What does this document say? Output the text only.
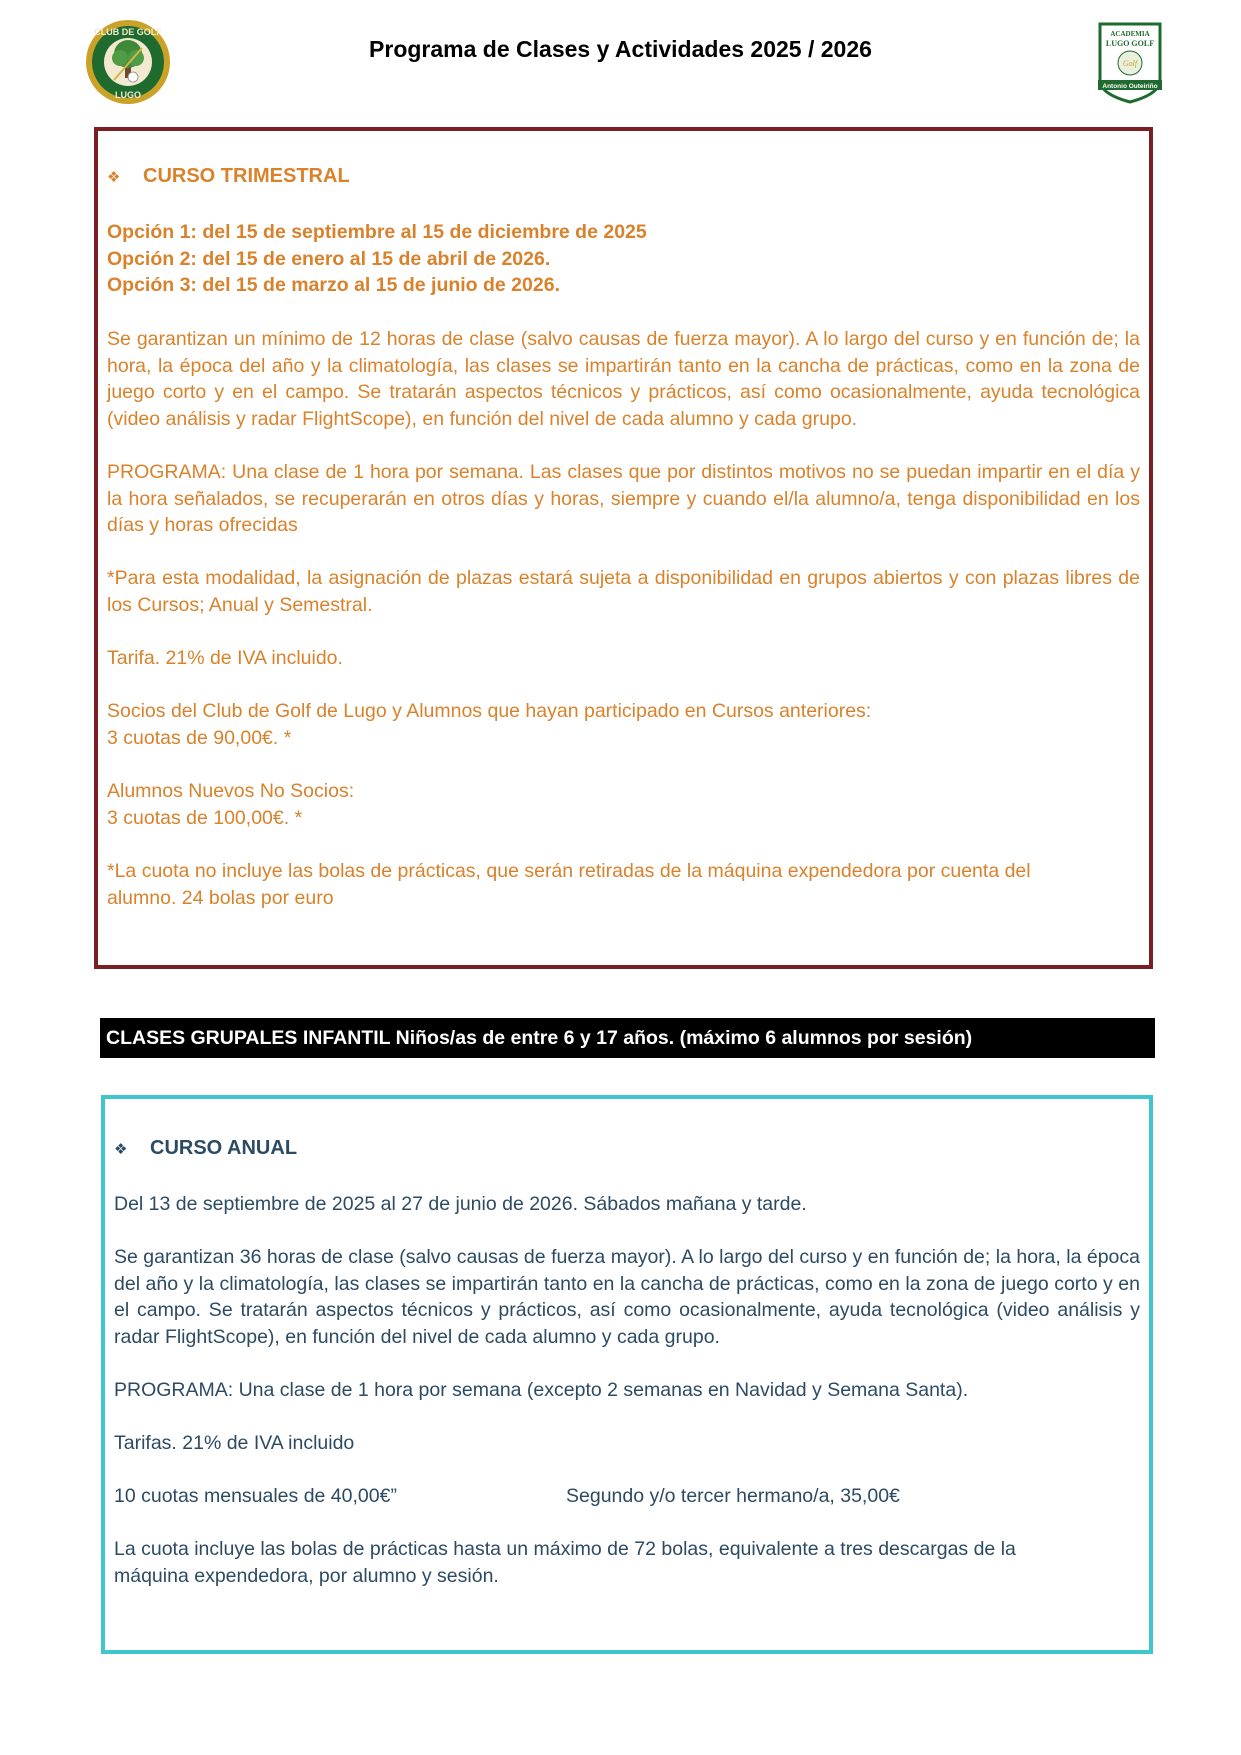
CLUB DE GOLF
LUGO
Programa de Clases y Actividades 2025 / 2026
ACADEMIA
LUGO GOLF
Golf
Antonio Outeiriño
❖	CURSO TRIMESTRAL

Opción 1: del 15 de septiembre al 15 de diciembre de 2025

Opción 2: del 15 de enero al 15 de abril de 2026.

Opción 3: del 15 de marzo al 15 de junio de 2026.

Se garantizan un mínimo de 12 horas de clase (salvo causas de fuerza mayor). A lo largo del curso y en función de; la hora, la época del año y la climatología, las clases se impartirán tanto en la cancha de prácticas, como en la zona de juego corto y en el campo. Se tratarán aspectos técnicos y prácticos, así como ocasionalmente, ayuda tecnológica (video análisis y radar FlightScope), en función del nivel de cada alumno y cada grupo.

PROGRAMA: Una clase de 1 hora por semana. Las clases que por distintos motivos no se puedan impartir en el día y la hora señalados, se recuperarán en otros días y horas, siempre y cuando el/la alumno/a, tenga disponibilidad en los días y horas ofrecidas

*Para esta modalidad, la asignación de plazas estará sujeta a disponibilidad en grupos abiertos y con plazas libres de los Cursos; Anual y Semestral.

Tarifa. 21% de IVA incluido.

Socios del Club de Golf de Lugo y Alumnos que hayan participado en Cursos anteriores:

3 cuotas de 90,00€. *

Alumnos Nuevos No Socios:

3 cuotas de 100,00€. *

*La cuota no incluye las bolas de prácticas, que serán retiradas de la máquina expendedora por cuenta del alumno. 24 bolas por euro

CLASES GRUPALES INFANTIL Niños/as de entre 6 y 17 años. (máximo 6 alumnos por sesión)
❖	CURSO ANUAL

Del 13 de septiembre de 2025 al 27 de junio de 2026. Sábados mañana y tarde.

Se garantizan 36 horas de clase (salvo causas de fuerza mayor). A lo largo del curso y en función de; la hora, la época del año y la climatología, las clases se impartirán tanto en la cancha de prácticas, como en la zona de juego corto y en el campo. Se tratarán aspectos técnicos y prácticos, así como ocasionalmente, ayuda tecnológica (video análisis y radar FlightScope), en función del nivel de cada alumno y cada grupo.

PROGRAMA: Una clase de 1 hora por semana (excepto 2 semanas en Navidad y Semana Santa).

Tarifas. 21% de IVA incluido

10 cuotas mensuales de 40,00€”	Segundo y/o tercer hermano/a, 35,00€

La cuota incluye las bolas de prácticas hasta un máximo de 72 bolas, equivalente a tres descargas de la máquina expendedora, por alumno y sesión.
